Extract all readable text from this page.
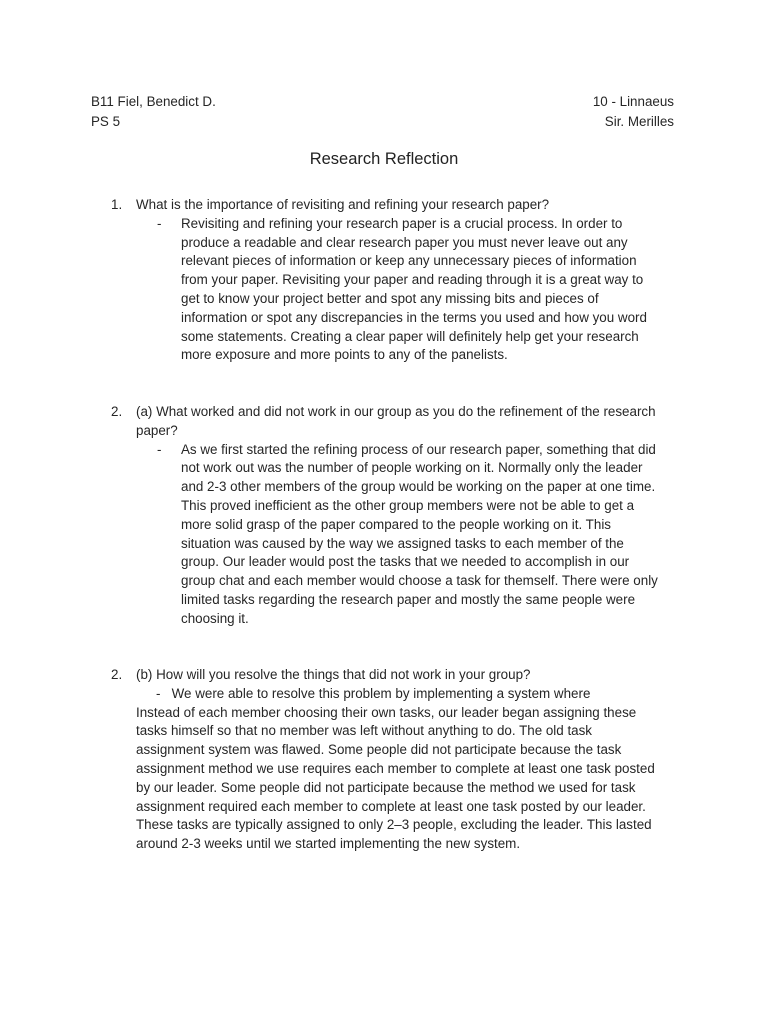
B11 Fiel, Benedict D.
PS 5
10 - Linnaeus
Sir. Merilles
Research Reflection
1. What is the importance of revisiting and refining your research paper?
- Revisiting and refining your research paper is a crucial process. In order to
produce a readable and clear research paper you must never leave out any
relevant pieces of information or keep any unnecessary pieces of information
from your paper. Revisiting your paper and reading through it is a great way to
get to know your project better and spot any missing bits and pieces of
information or spot any discrepancies in the terms you used and how you word
some statements. Creating a clear paper will definitely help get your research
more exposure and more points to any of the panelists.
2. (a) What worked and did not work in our group as you do the refinement of the research
paper?
- As we first started the refining process of our research paper, something that did
not work out was the number of people working on it. Normally only the leader
and 2-3 other members of the group would be working on the paper at one time.
This proved inefficient as the other group members were not be able to get a
more solid grasp of the paper compared to the people working on it. This
situation was caused by the way we assigned tasks to each member of the
group. Our leader would post the tasks that we needed to accomplish in our
group chat and each member would choose a task for themself. There were only
limited tasks regarding the research paper and mostly the same people were
choosing it.
2. (b) How will you resolve the things that did not work in your group?
- We were able to resolve this problem by implementing a system where
Instead of each member choosing their own tasks, our leader began assigning these
tasks himself so that no member was left without anything to do. The old task
assignment system was flawed. Some people did not participate because the task
assignment method we use requires each member to complete at least one task posted
by our leader. Some people did not participate because the method we used for task
assignment required each member to complete at least one task posted by our leader.
These tasks are typically assigned to only 2–3 people, excluding the leader. This lasted
around 2-3 weeks until we started implementing the new system.
